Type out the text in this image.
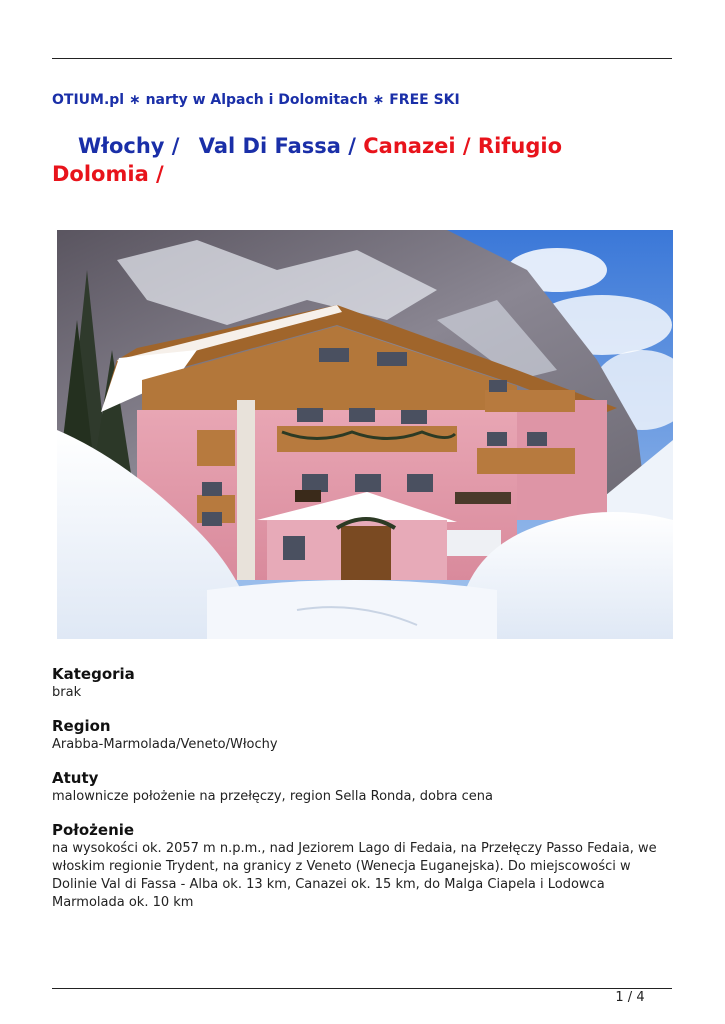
OTIUM.pl ∗ narty w Alpach i Dolomitach ∗ FREE SKI
Włochy / Val Di Fassa / Canazei / Rifugio Dolomia /
Kategoria
brak
Region
Arabba-Marmolada/Veneto/Włochy
Atuty
malownicze położenie na przełęczy, region Sella Ronda, dobra cena
Położenie
na wysokości ok. 2057 m n.p.m., nad Jeziorem Lago di Fedaia, na Przełęczy Passo Fedaia, we włoskim regionie Trydent, na granicy z Veneto (Wenecja Euganejska). Do miejscowości w Dolinie Val di Fassa - Alba ok. 13 km, Canazei ok. 15 km, do Malga Ciapela i Lodowca Marmolada ok. 10 km
1 / 4
